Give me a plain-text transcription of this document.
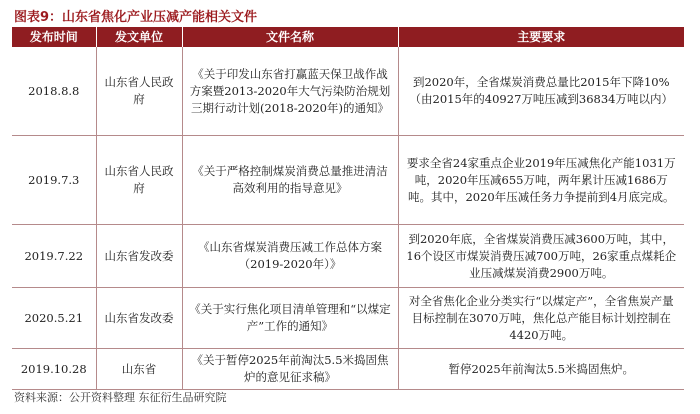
图表9：山东省焦化产业压减产能相关文件
发布时间	发文单位	文件名称	主要要求
2018.8.8	山东省人民政府	《关于印发山东省打赢蓝天保卫战作战方案暨2013-2020年大气污染防治规划三期行动计划(2018-2020年)的通知》	到2020年，全省煤炭消费总量比2015年下降10%（由2015年的40927万吨压减到36834万吨以内）
2019.7.3	山东省人民政府	《关于严格控制煤炭消费总量推进清洁高效利用的指导意见》	要求全省24家重点企业2019年压减焦化产能1031万吨，2020年压减655万吨，两年累计压减1686万吨。其中，2020年压减任务力争提前到4月底完成。
2019.7.22	山东省发改委	《山东省煤炭消费压减工作总体方案（2019-2020年）》	到2020年底，全省煤炭消费压减3600万吨，其中，16个设区市煤炭消费压减700万吨，26家重点煤耗企业压减煤炭消费2900万吨。
2020.5.21	山东省发改委	《关于实行焦化项目清单管理和“以煤定产”工作的通知》	对全省焦化企业分类实行“以煤定产”，全省焦炭产量目标控制在3070万吨，焦化总产能目标计划控制在4420万吨。
2019.10.28	山东省	《关于暂停2025年前淘汰5.5米捣固焦炉的意见征求稿》	暂停2025年前淘汰5.5米捣固焦炉。
资料来源：公开资料整理 东征衍生品研究院
